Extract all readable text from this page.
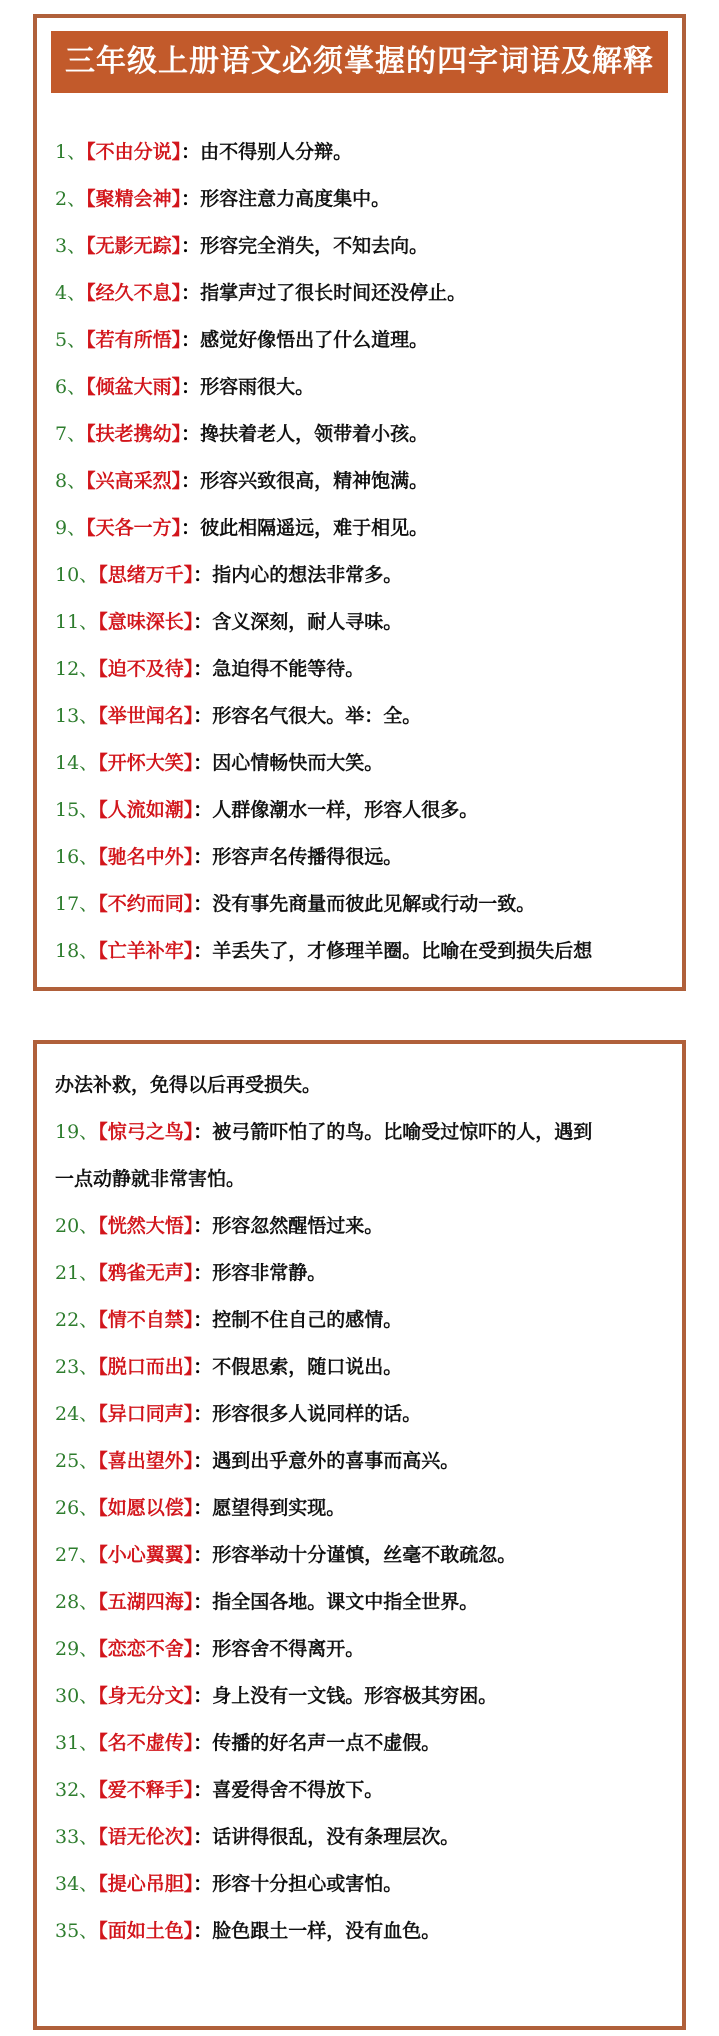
三年级上册语文必须掌握的四字词语及解释
1、【不由分说】：由不得别人分辩。
2、【聚精会神】：形容注意力高度集中。
3、【无影无踪】：形容完全消失，不知去向。
4、【经久不息】：指掌声过了很长时间还没停止。
5、【若有所悟】：感觉好像悟出了什么道理。
6、【倾盆大雨】：形容雨很大。
7、【扶老携幼】：搀扶着老人，领带着小孩。
8、【兴高采烈】：形容兴致很高，精神饱满。
9、【天各一方】：彼此相隔遥远，难于相见。
10、【思绪万千】：指内心的想法非常多。
11、【意味深长】：含义深刻，耐人寻味。
12、【迫不及待】：急迫得不能等待。
13、【举世闻名】：形容名气很大。举：全。
14、【开怀大笑】：因心情畅快而大笑。
15、【人流如潮】：人群像潮水一样，形容人很多。
16、【驰名中外】：形容声名传播得很远。
17、【不约而同】：没有事先商量而彼此见解或行动一致。
18、【亡羊补牢】：羊丢失了，才修理羊圈。比喻在受到损失后想
办法补救，免得以后再受损失。
19、【惊弓之鸟】：被弓箭吓怕了的鸟。比喻受过惊吓的人，遇到
一点动静就非常害怕。
20、【恍然大悟】：形容忽然醒悟过来。
21、【鸦雀无声】：形容非常静。
22、【情不自禁】：控制不住自己的感情。
23、【脱口而出】：不假思索，随口说出。
24、【异口同声】：形容很多人说同样的话。
25、【喜出望外】：遇到出乎意外的喜事而高兴。
26、【如愿以偿】：愿望得到实现。
27、【小心翼翼】：形容举动十分谨慎，丝毫不敢疏忽。
28、【五湖四海】：指全国各地。课文中指全世界。
29、【恋恋不舍】：形容舍不得离开。
30、【身无分文】：身上没有一文钱。形容极其穷困。
31、【名不虚传】：传播的好名声一点不虚假。
32、【爱不释手】：喜爱得舍不得放下。
33、【语无伦次】：话讲得很乱，没有条理层次。
34、【提心吊胆】：形容十分担心或害怕。
35、【面如土色】：脸色跟土一样，没有血色。
